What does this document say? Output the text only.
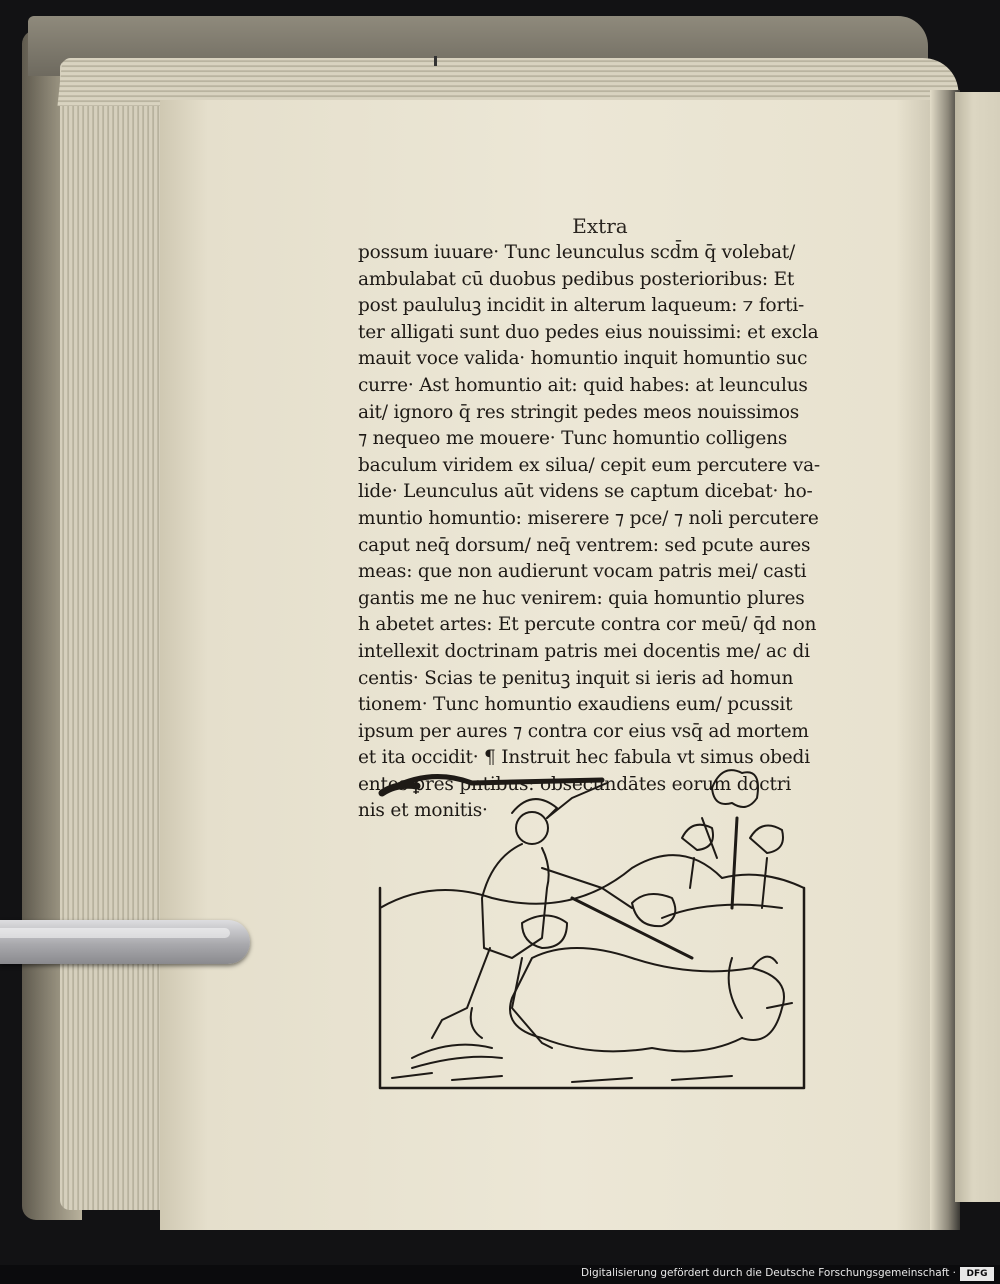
Extra
possum iuuare· Tunc leunculus scd̄m q̄ volebat/
ambulabat cū duobus pedibus posterioribus: Et
post paululuꝫ incidit in alterum laqueum: ⁊ forti-
ter alligati sunt duo pedes eius nouissimi: et excla
mauit voce valida· homuntio inquit homuntio suc
curre· Ast homuntio ait: quid habes: at leunculus
ait/ ignoro q̄ res stringit pedes meos nouissimos
⁊ nequeo me mouere· Tunc homuntio colligens
baculum viridem ex silua/ cepit eum percutere va-
lide· Leunculus aūt videns se captum dicebat· ho-
muntio homuntio: miserere ⁊ pce/ ⁊ noli percutere
caput neq̄ dorsum/ neq̄ ventrem: sed pcute aures
meas: que non audierunt vocam patris mei/ casti
gantis me ne huc venirem: quia homuntio plures
h abetet artes: Et percute contra cor meū/ q̄d non
intellexit doctrinam patris mei docentis me/ ac di
centis· Scias te penituꝫ inquit si ieris ad homun
tionem· Tunc homuntio exaudiens eum/ pcussit
ipsum per aures ⁊ contra cor eius vsq̄ ad mortem
et ita occidit· ¶ Instruit hec fabula vt simus obedi
entes ꝑrēs pntibus: obsecundātes eorum doctri
nis et monitis·
Digitalisierung gefördert durch die Deutsche Forschungsgemeinschaft ·	DFG
